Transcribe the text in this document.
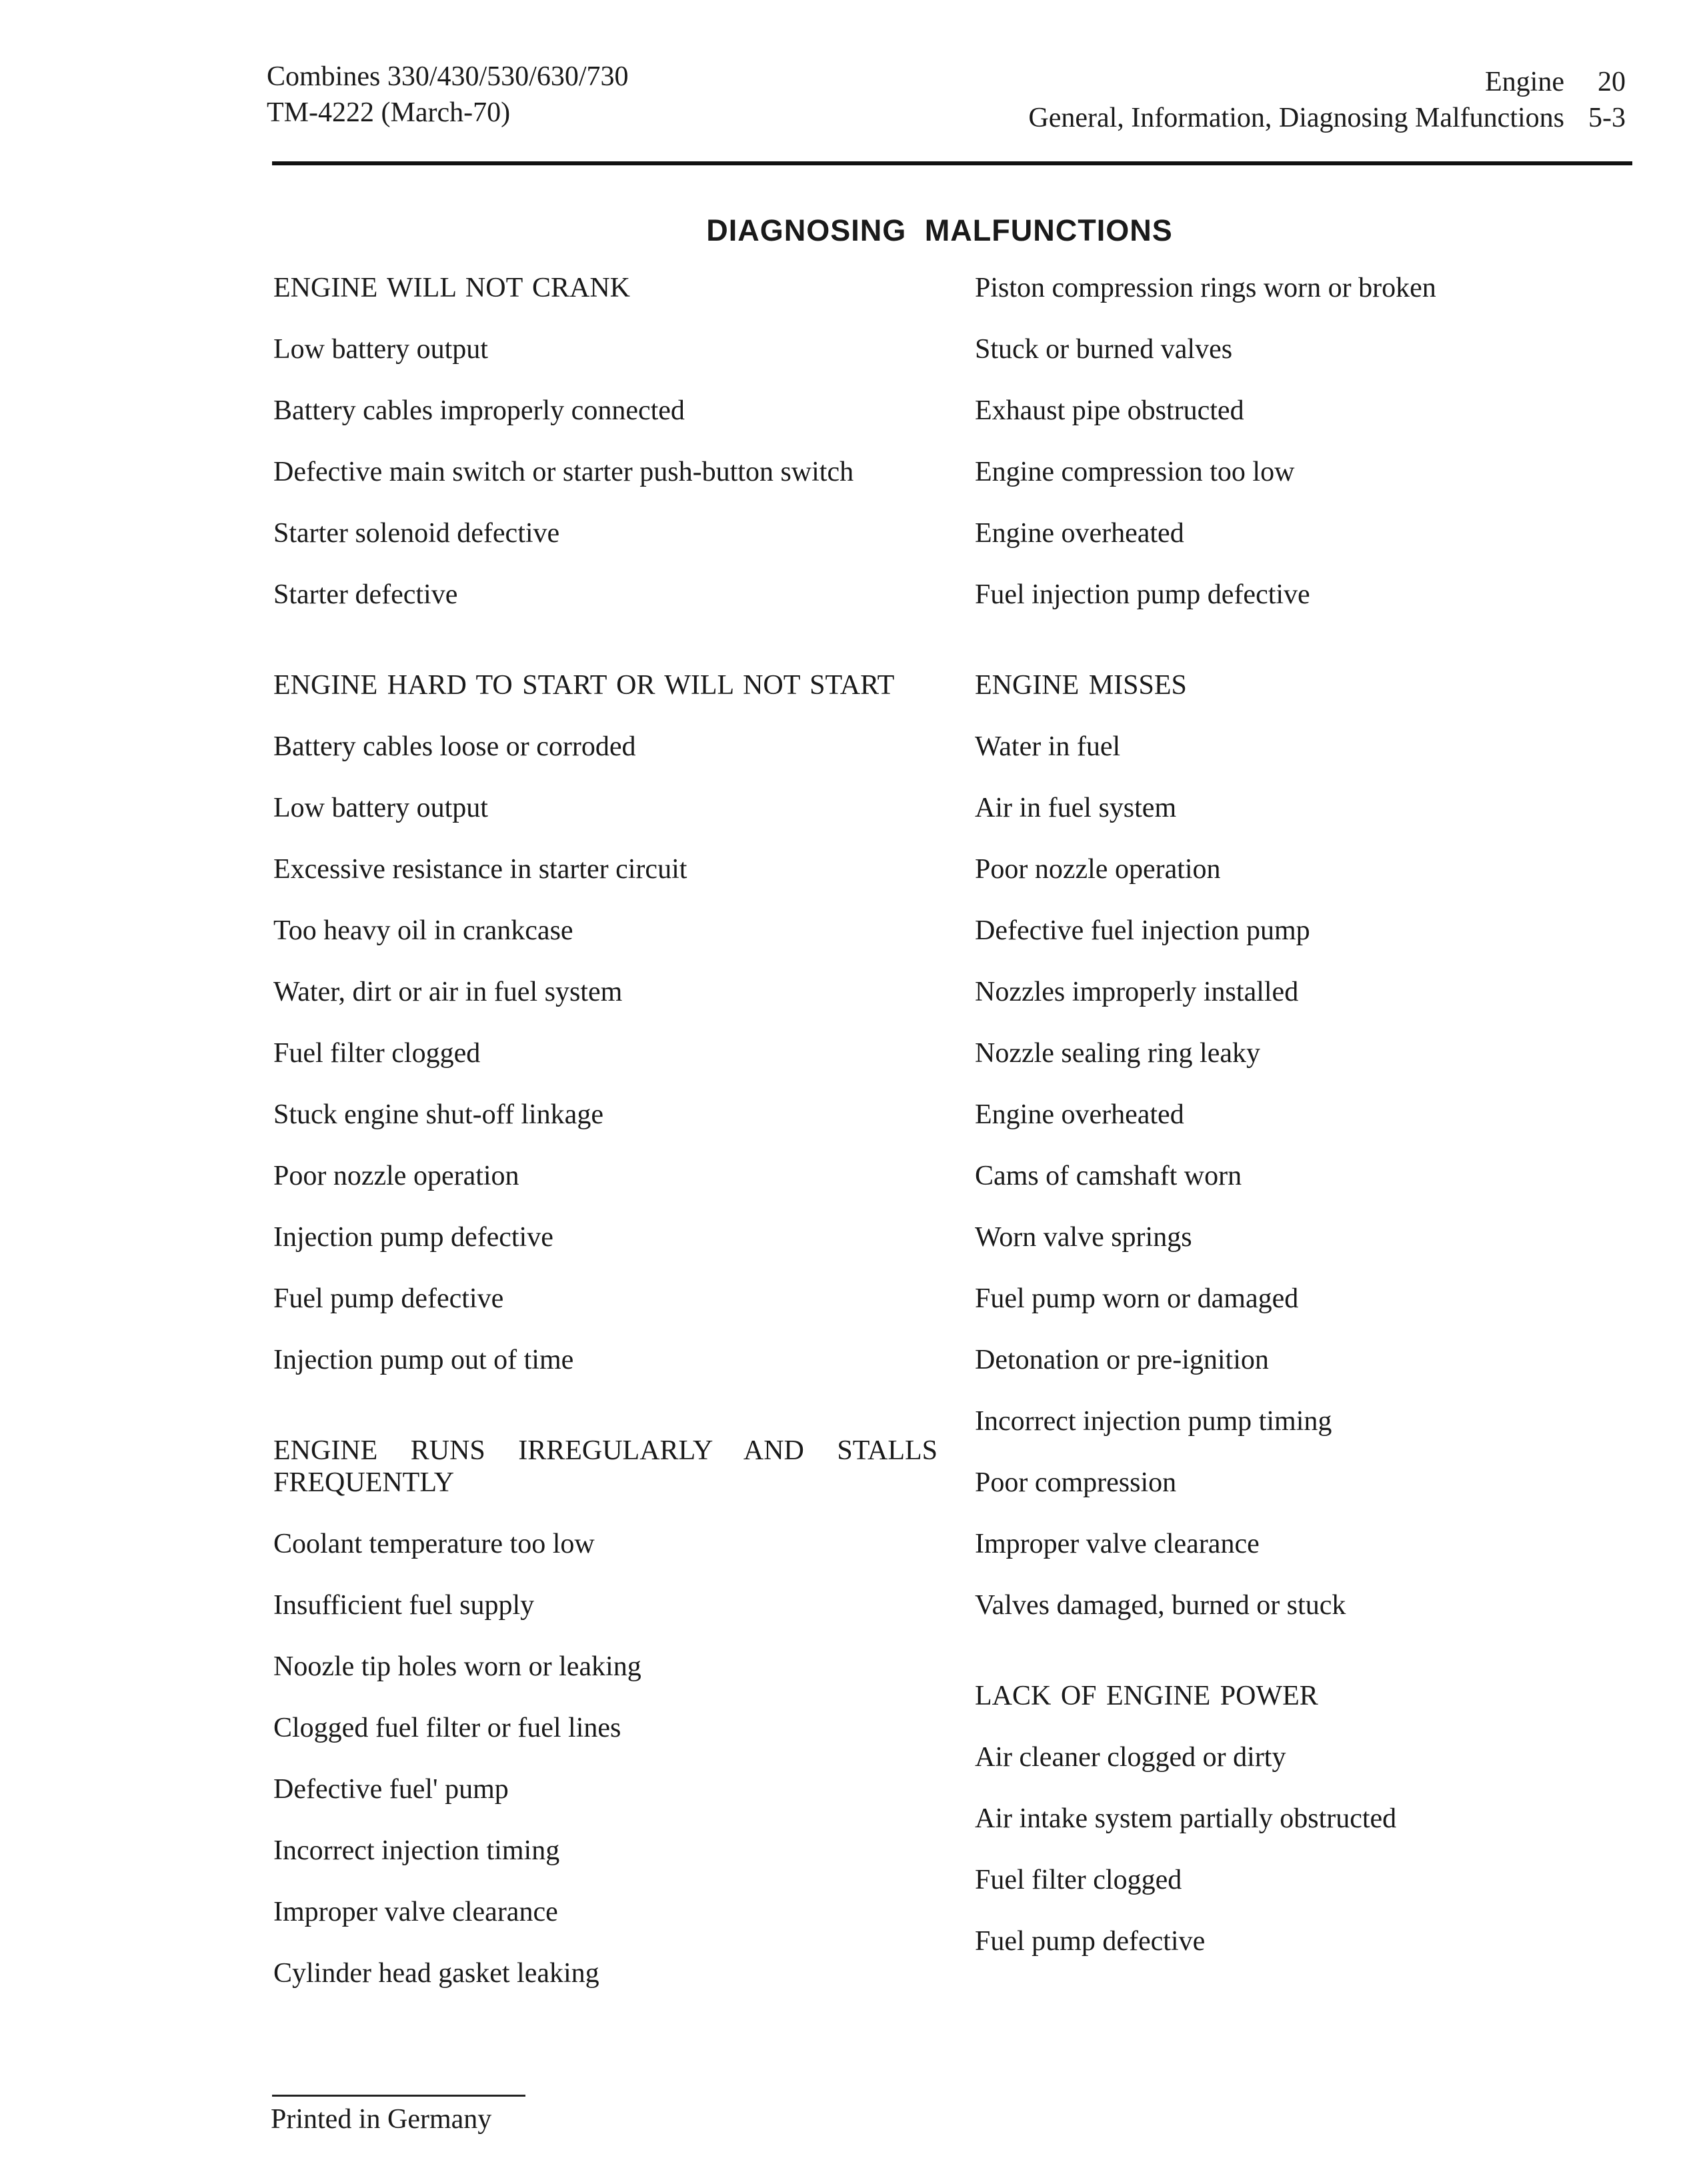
Combines 330/430/530/630/730
TM-4222 (March-70)
Engine	20
General, Information, Diagnosing Malfunctions 5-3
DIAGNOSING MALFUNCTIONS
ENGINE WILL NOT CRANK
Low battery output
Battery cables improperly connected
Defective main switch or starter push-button switch
Starter solenoid defective
Starter defective
ENGINE HARD TO START OR WILL NOT START
Battery cables loose or corroded
Low battery output
Excessive resistance in starter circuit
Too heavy oil in crankcase
Water, dirt or air in fuel system
Fuel filter clogged
Stuck engine shut-off linkage
Poor nozzle operation
Injection pump defective
Fuel pump defective
Injection pump out of time
ENGINE RUNS IRREGULARLY AND STALLS FREQUENTLY
Coolant temperature too low
Insufficient fuel supply
Noozle tip holes worn or leaking
Clogged fuel filter or fuel lines
Defective fuel' pump
Incorrect injection timing
Improper valve clearance
Cylinder head gasket leaking
Piston compression rings worn or broken
Stuck or burned valves
Exhaust pipe obstructed
Engine compression too low
Engine overheated
Fuel injection pump defective
ENGINE MISSES
Water in fuel
Air in fuel system
Poor nozzle operation
Defective fuel injection pump
Nozzles improperly installed
Nozzle sealing ring leaky
Engine overheated
Cams of camshaft worn
Worn valve springs
Fuel pump worn or damaged
Detonation or pre-ignition
Incorrect injection pump timing
Poor compression
Improper valve clearance
Valves damaged, burned or stuck
LACK OF ENGINE POWER
Air cleaner clogged or dirty
Air intake system partially obstructed
Fuel filter clogged
Fuel pump defective
Printed in Germany
